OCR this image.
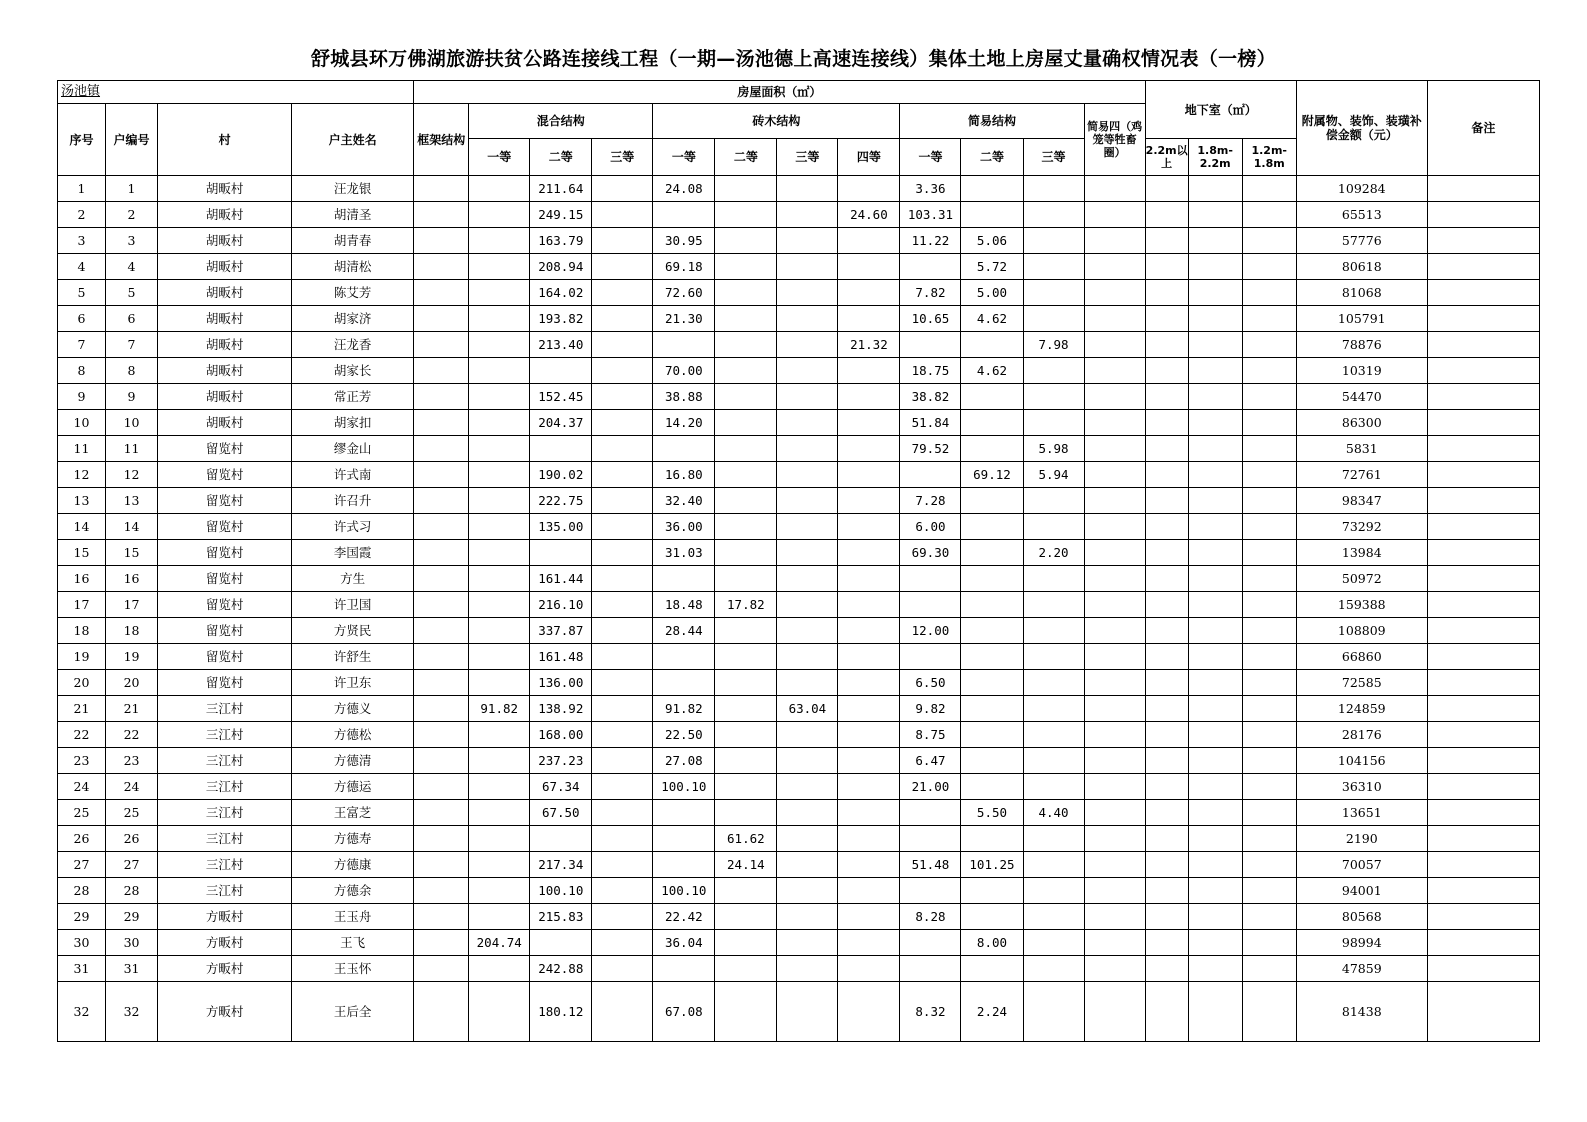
舒城县环万佛湖旅游扶贫公路连接线工程（一期—汤池德上高速连接线）集体土地上房屋丈量确权情况表（一榜）
汤池镇				房屋面积（㎡）												地下室（㎡）			附属物、装饰、装璜补偿金额（元）	备注
序号	户编号	村	户主姓名	框架结构	混合结构			砖木结构				简易结构			简易四（鸡笼等牲畜圈）					
					一等	二等	三等	一等	二等	三等	四等	一等	二等	三等		2.2m以上	1.8m-2.2m	1.2m-1.8m		
1	1	胡畈村	汪龙银			211.64		24.08				3.36							109284	
2	2	胡畈村	胡清圣			249.15					24.60	103.31							65513	
3	3	胡畈村	胡青春			163.79		30.95				11.22	5.06						57776	
4	4	胡畈村	胡清松			208.94		69.18					5.72						80618	
5	5	胡畈村	陈艾芳			164.02		72.60				7.82	5.00						81068	
6	6	胡畈村	胡家济			193.82		21.30				10.65	4.62						105791	
7	7	胡畈村	汪龙香			213.40					21.32			7.98					78876	
8	8	胡畈村	胡家长					70.00				18.75	4.62						10319	
9	9	胡畈村	常正芳			152.45		38.88				38.82							54470	
10	10	胡畈村	胡家扣			204.37		14.20				51.84							86300	
11	11	留览村	缪金山									79.52		5.98					5831	
12	12	留览村	许式南			190.02		16.80					69.12	5.94					72761	
13	13	留览村	许召升			222.75		32.40				7.28							98347	
14	14	留览村	许式习			135.00		36.00				6.00							73292	
15	15	留览村	李国霞					31.03				69.30		2.20					13984	
16	16	留览村	方生			161.44													50972	
17	17	留览村	许卫国			216.10		18.48	17.82										159388	
18	18	留览村	方贤民			337.87		28.44				12.00							108809	
19	19	留览村	许舒生			161.48													66860	
20	20	留览村	许卫东			136.00						6.50							72585	
21	21	三江村	方德义		91.82	138.92		91.82		63.04		9.82							124859	
22	22	三江村	方德松			168.00		22.50				8.75							28176	
23	23	三江村	方德清			237.23		27.08				6.47							104156	
24	24	三江村	方德运			67.34		100.10				21.00							36310	
25	25	三江村	王富芝			67.50							5.50	4.40					13651	
26	26	三江村	方德寿						61.62										2190	
27	27	三江村	方德康			217.34			24.14			51.48	101.25						70057	
28	28	三江村	方德余			100.10		100.10											94001	
29	29	方畈村	王玉舟			215.83		22.42				8.28							80568	
30	30	方畈村	王飞		204.74			36.04					8.00						98994	
31	31	方畈村	王玉怀			242.88													47859	
32	32	方畈村	王后全			180.12		67.08				8.32	2.24						81438	
